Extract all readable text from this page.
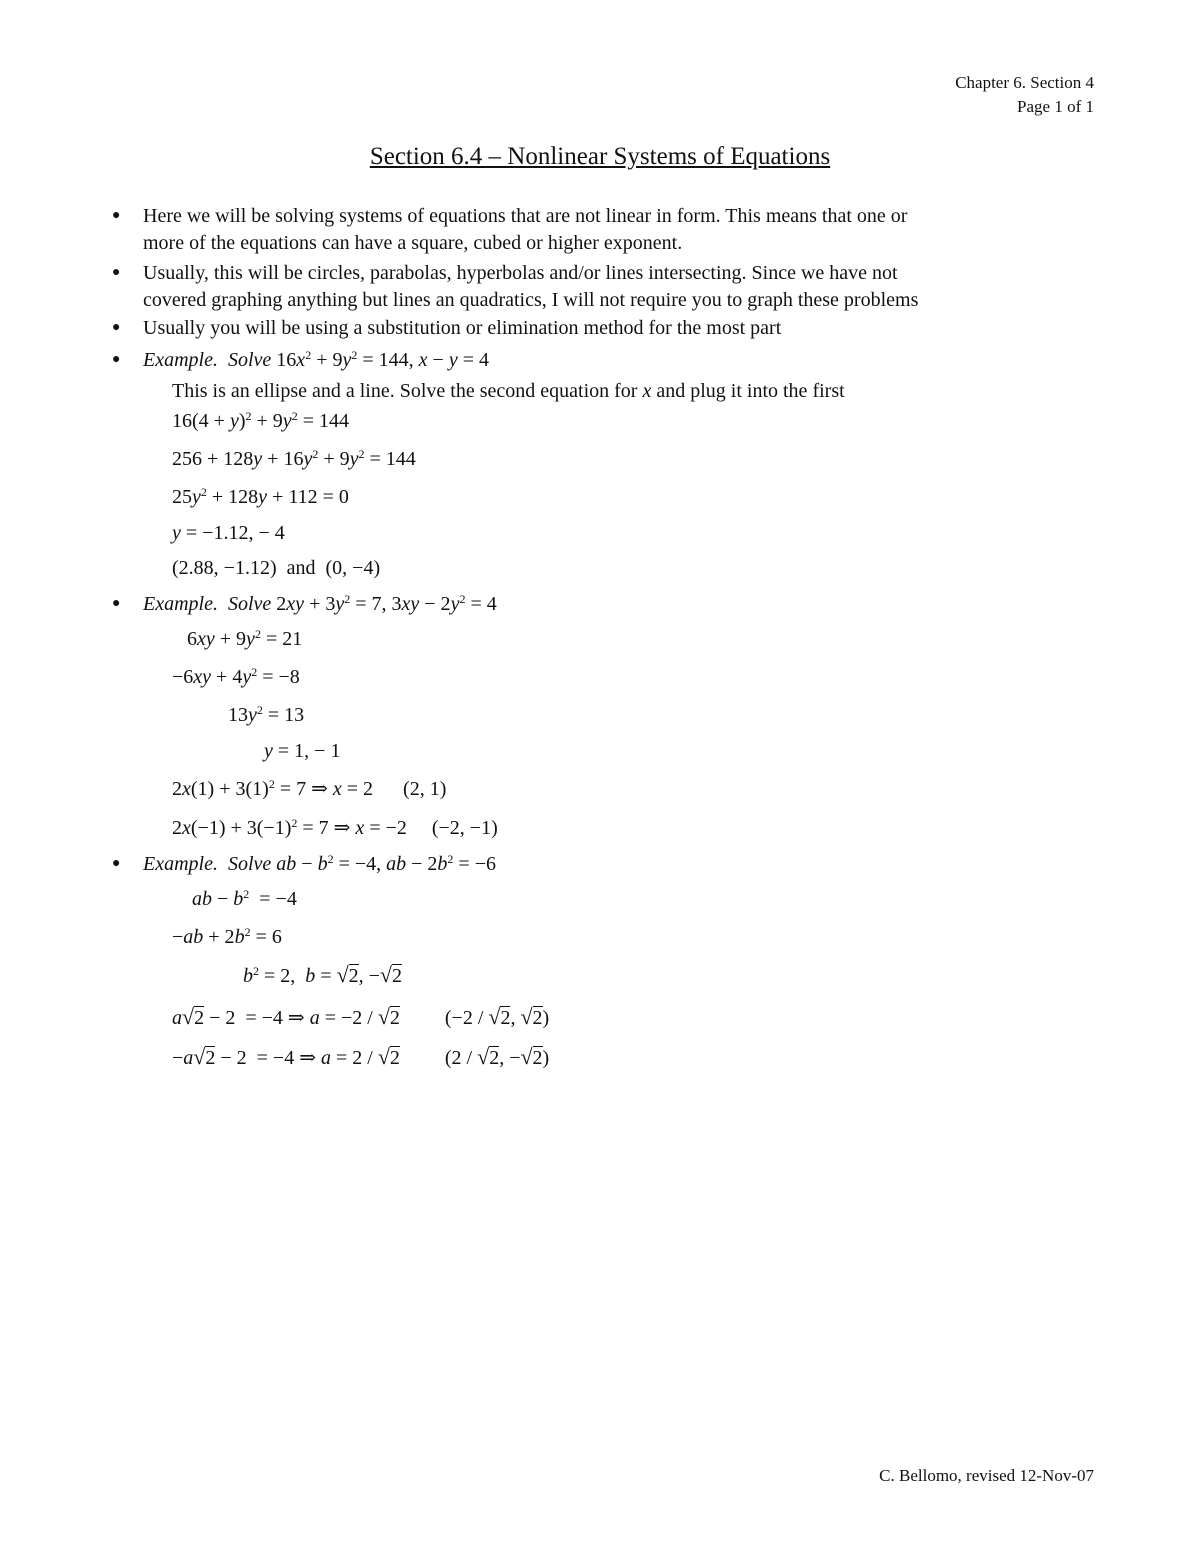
Chapter 6. Section 4
Page 1 of 1
Section 6.4 – Nonlinear Systems of Equations
● Here we will be solving systems of equations that are not linear in form. This means that one or
more of the equations can have a square, cubed or higher exponent.
● Usually, this will be circles, parabolas, hyperbolas and/or lines intersecting. Since we have not
covered graphing anything but lines an quadratics, I will not require you to graph these problems
● Usually you will be using a substitution or elimination method for the most part
● Example. Solve $16x^2 + 9y^2 = 144$, x − y = 4
This is an ellipse and a line. Solve the second equation for x and plug it into the first
$16(4 + y)^2 + 9y^2 = 144$
$256 + 128y + 16y^2 + 9y^2 = 144$
$25y^2 + 128y + 112 = 0$
y = −1.12, − 4
(2.88, −1.12)  and  (0, −4)
● Example. Solve $2xy + 3y^2 = 7$, $3xy - 2y^2 = 4$
$6xy + 9y^2 = 21$
$-6xy + 4y^2 = -8$
$13y^2 = 13$
y = 1, − 1
$2x(1) + 3(1)^2 = 7$ ⇒ x = 2      (2, 1)
$2x(-1) + 3(-1)^2 = 7$ ⇒ x = −2     (−2, −1)
● Example. Solve ab − $b^2 = -4$, ab − $2b^2 = -6$
ab − $b^2 = -4$
$-ab + 2b^2 = 6$
$b^2 = 2$,  b = √2, −√2
a√2 − 2  = −4 ⇒ a = −2 / √2         (−2 / √2, √2)
−a√2 − 2  = −4 ⇒ a = 2 / √2         (2 / √2, −√2)
C. Bellomo, revised 12-Nov-07
